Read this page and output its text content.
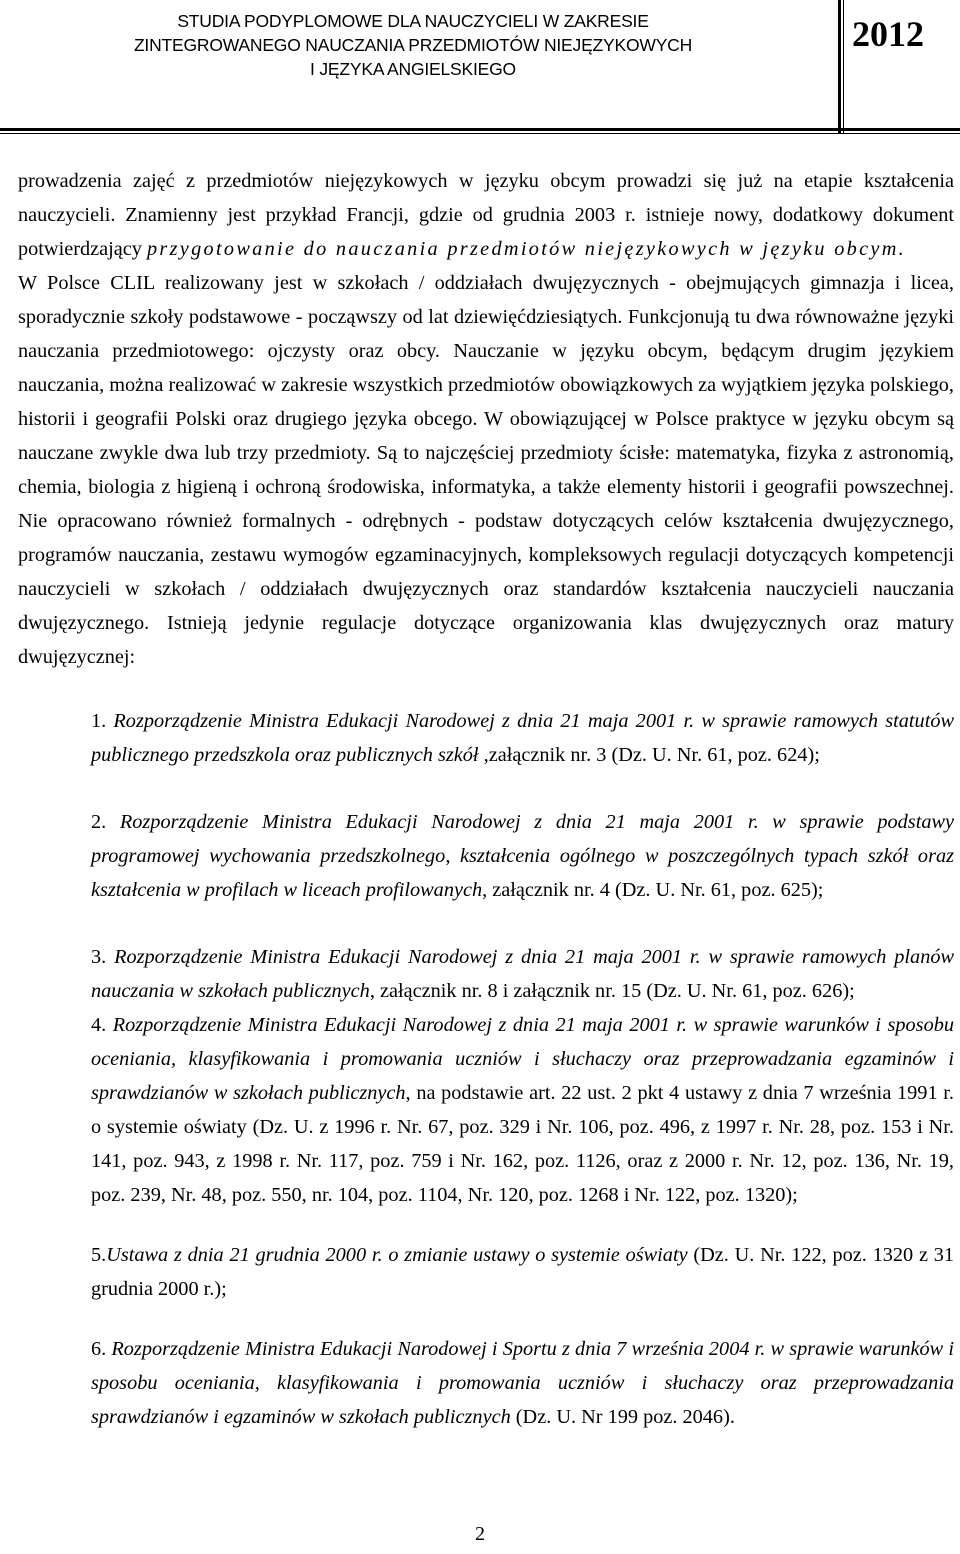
STUDIA PODYPLOMOWE DLA NAUCZYCIELI W ZAKRESIE
ZINTEGROWANEGO NAUCZANIA PRZEDMIOTÓW NIEJĘZYKOWYCH
I JĘZYKA ANGIELSKIEGO
2012

prowadzenia zajęć z przedmiotów niejęzykowych w języku obcym prowadzi się już na etapie kształcenia nauczycieli. Znamienny jest przykład Francji, gdzie od grudnia 2003 r. istnieje nowy, dodatkowy dokument potwierdzający przygotowanie do nauczania przedmiotów niejęzykowych w języku obcym.

W Polsce CLIL realizowany jest w szkołach / oddziałach dwujęzycznych - obejmujących gimnazja i licea, sporadycznie szkoły podstawowe - począwszy od lat dziewięćdziesiątych. Funkcjonują tu dwa równoważne języki nauczania przedmiotowego: ojczysty oraz obcy. Nauczanie w języku obcym, będącym drugim językiem nauczania, można realizować w zakresie wszystkich przedmiotów obowiązkowych za wyjątkiem języka polskiego, historii i geografii Polski oraz drugiego języka obcego. W obowiązującej w Polsce praktyce w języku obcym są nauczane zwykle dwa lub trzy przedmioty. Są to najczęściej przedmioty ścisłe: matematyka, fizyka z astronomią, chemia, biologia z higieną i ochroną środowiska, informatyka, a także elementy historii i geografii powszechnej. Nie opracowano również formalnych - odrębnych - podstaw dotyczących celów kształcenia dwujęzycznego, programów nauczania, zestawu wymogów egzaminacyjnych, kompleksowych regulacji dotyczących kompetencji nauczycieli w szkołach / oddziałach dwujęzycznych oraz standardów kształcenia nauczycieli nauczania dwujęzycznego. Istnieją jedynie regulacje dotyczące organizowania klas dwujęzycznych oraz matury dwujęzycznej:

1. Rozporządzenie Ministra Edukacji Narodowej z dnia 21 maja 2001 r. w sprawie ramowych statutów publicznego przedszkola oraz publicznych szkół ,załącznik nr. 3 (Dz. U. Nr. 61, poz. 624);

2. Rozporządzenie Ministra Edukacji Narodowej z dnia 21 maja 2001 r. w sprawie podstawy programowej wychowania przedszkolnego, kształcenia ogólnego w poszczególnych typach szkół oraz kształcenia w profilach w liceach profilowanych, załącznik nr. 4 (Dz. U. Nr. 61, poz. 625);

3. Rozporządzenie Ministra Edukacji Narodowej z dnia 21 maja 2001 r. w sprawie ramowych planów nauczania w szkołach publicznych, załącznik nr. 8 i załącznik nr. 15 (Dz. U. Nr. 61, poz. 626);

4. Rozporządzenie Ministra Edukacji Narodowej z dnia 21 maja 2001 r. w sprawie warunków i sposobu oceniania, klasyfikowania i promowania uczniów i słuchaczy oraz przeprowadzania egzaminów i sprawdzianów w szkołach publicznych, na podstawie art. 22 ust. 2 pkt 4 ustawy z dnia 7 września 1991 r. o systemie oświaty (Dz. U. z 1996 r. Nr. 67, poz. 329 i Nr. 106, poz. 496, z 1997 r. Nr. 28, poz. 153 i Nr. 141, poz. 943, z 1998 r. Nr. 117, poz. 759 i Nr. 162, poz. 1126, oraz z 2000 r. Nr. 12, poz. 136, Nr. 19, poz. 239, Nr. 48, poz. 550, nr. 104, poz. 1104, Nr. 120, poz. 1268 i Nr. 122, poz. 1320);

5.Ustawa z dnia 21 grudnia 2000 r. o zmianie ustawy o systemie oświaty (Dz. U. Nr. 122, poz. 1320 z 31 grudnia 2000 r.);

6. Rozporządzenie Ministra Edukacji Narodowej i Sportu z dnia 7 września 2004 r. w sprawie warunków i sposobu oceniania, klasyfikowania i promowania uczniów i słuchaczy oraz przeprowadzania sprawdzianów i egzaminów w szkołach publicznych (Dz. U. Nr 199 poz. 2046).

2
